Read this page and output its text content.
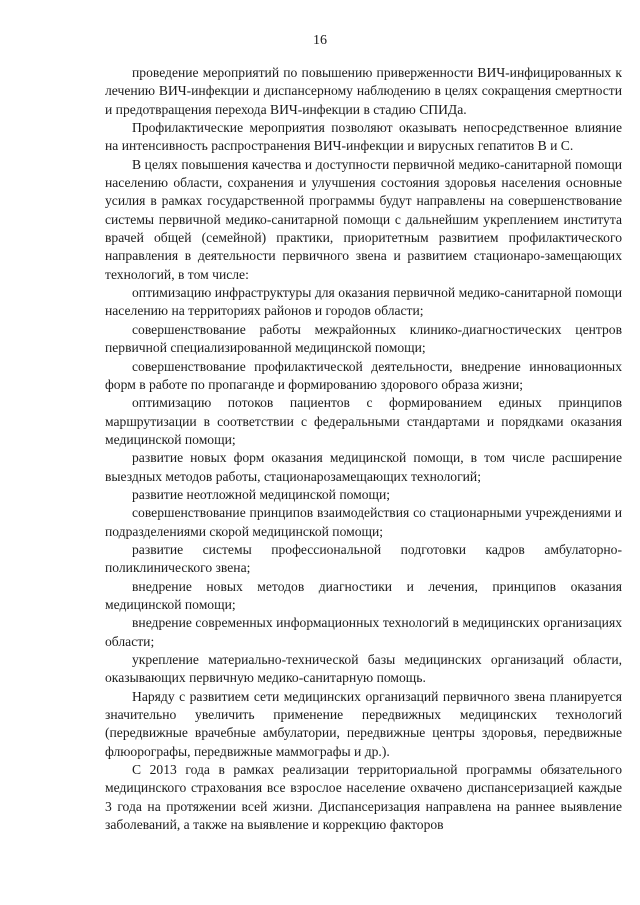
16

проведение мероприятий по повышению приверженности ВИЧ-инфицированных к лечению ВИЧ-инфекции и диспансерному наблюдению в целях сокращения смертности и предотвращения перехода ВИЧ-инфекции в стадию СПИДа.

Профилактические мероприятия позволяют оказывать непосредственное влияние на интенсивность распространения ВИЧ-инфекции и вирусных гепатитов В и С.

В целях повышения качества и доступности первичной медико-санитарной помощи населению области, сохранения и улучшения состояния здоровья населения основные усилия в рамках государственной программы будут направлены на совершенствование системы первичной медико-санитарной помощи с дальнейшим укреплением института врачей общей (семейной) практики, приоритетным развитием профилактического направления в деятельности первичного звена и развитием стационаро-замещающих технологий, в том числе:

оптимизацию инфраструктуры для оказания первичной медико-санитарной помощи населению на территориях районов и городов области;

совершенствование работы межрайонных клинико-диагностических центров первичной специализированной медицинской помощи;

совершенствование профилактической деятельности, внедрение инновационных форм в работе по пропаганде и формированию здорового образа жизни;

оптимизацию потоков пациентов с формированием единых принципов маршрутизации в соответствии с федеральными стандартами и порядками оказания медицинской помощи;

развитие новых форм оказания медицинской помощи, в том числе расширение выездных методов работы, стационарозамещающих технологий;

развитие неотложной медицинской помощи;

совершенствование принципов взаимодействия со стационарными учреждениями и подразделениями скорой медицинской помощи;

развитие системы профессиональной подготовки кадров амбулаторно-поликлинического звена;

внедрение новых методов диагностики и лечения, принципов оказания медицинской помощи;

внедрение современных информационных технологий в медицинских организациях области;

укрепление материально-технической базы медицинских организаций области, оказывающих первичную медико-санитарную помощь.

Наряду с развитием сети медицинских организаций первичного звена планируется значительно увеличить применение передвижных медицинских технологий (передвижные врачебные амбулатории, передвижные центры здоровья, передвижные флюорографы, передвижные маммографы и др.).

С 2013 года в рамках реализации территориальной программы обязательного медицинского страхования все взрослое население охвачено диспансеризацией каждые 3 года на протяжении всей жизни. Диспансеризация направлена на раннее выявление заболеваний, а также на выявление и коррекцию факторов
